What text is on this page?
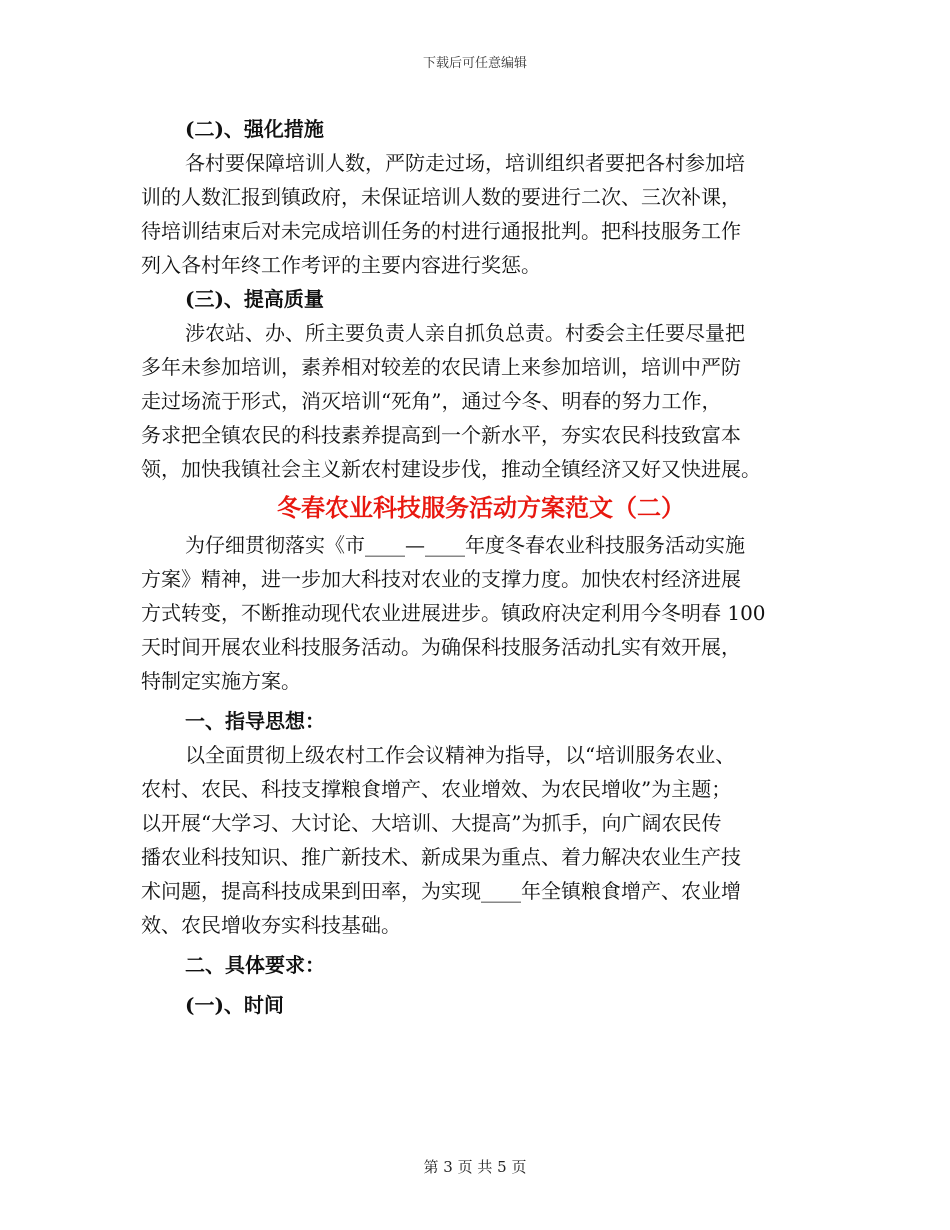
下载后可任意编辑
(二)、强化措施
各村要保障培训人数，严防走过场，培训组织者要把各村参加培
训的人数汇报到镇政府，未保证培训人数的要进行二次、三次补课，
待培训结束后对未完成培训任务的村进行通报批判。把科技服务工作
列入各村年终工作考评的主要内容进行奖惩。
(三)、提高质量
涉农站、办、所主要负责人亲自抓负总责。村委会主任要尽量把
多年未参加培训，素养相对较差的农民请上来参加培训，培训中严防
走过场流于形式，消灭培训“死角”，通过今冬、明春的努力工作，
务求把全镇农民的科技素养提高到一个新水平，夯实农民科技致富本
领，加快我镇社会主义新农村建设步伐，推动全镇经济又好又快进展。
冬春农业科技服务活动方案范文（二）
为仔细贯彻落实《市____—____年度冬春农业科技服务活动实施
方案》精神，进一步加大科技对农业的支撑力度。加快农村经济进展
方式转变，不断推动现代农业进展进步。镇政府决定利用今冬明春 100
天时间开展农业科技服务活动。为确保科技服务活动扎实有效开展，
特制定实施方案。
一、指导思想：
以全面贯彻上级农村工作会议精神为指导，以“培训服务农业、
农村、农民、科技支撑粮食增产、农业增效、为农民增收”为主题；
以开展“大学习、大讨论、大培训、大提高”为抓手，向广阔农民传
播农业科技知识、推广新技术、新成果为重点、着力解决农业生产技
术问题，提高科技成果到田率，为实现____年全镇粮食增产、农业增
效、农民增收夯实科技基础。
二、具体要求：
(一)、时间
第 3 页 共 5 页
